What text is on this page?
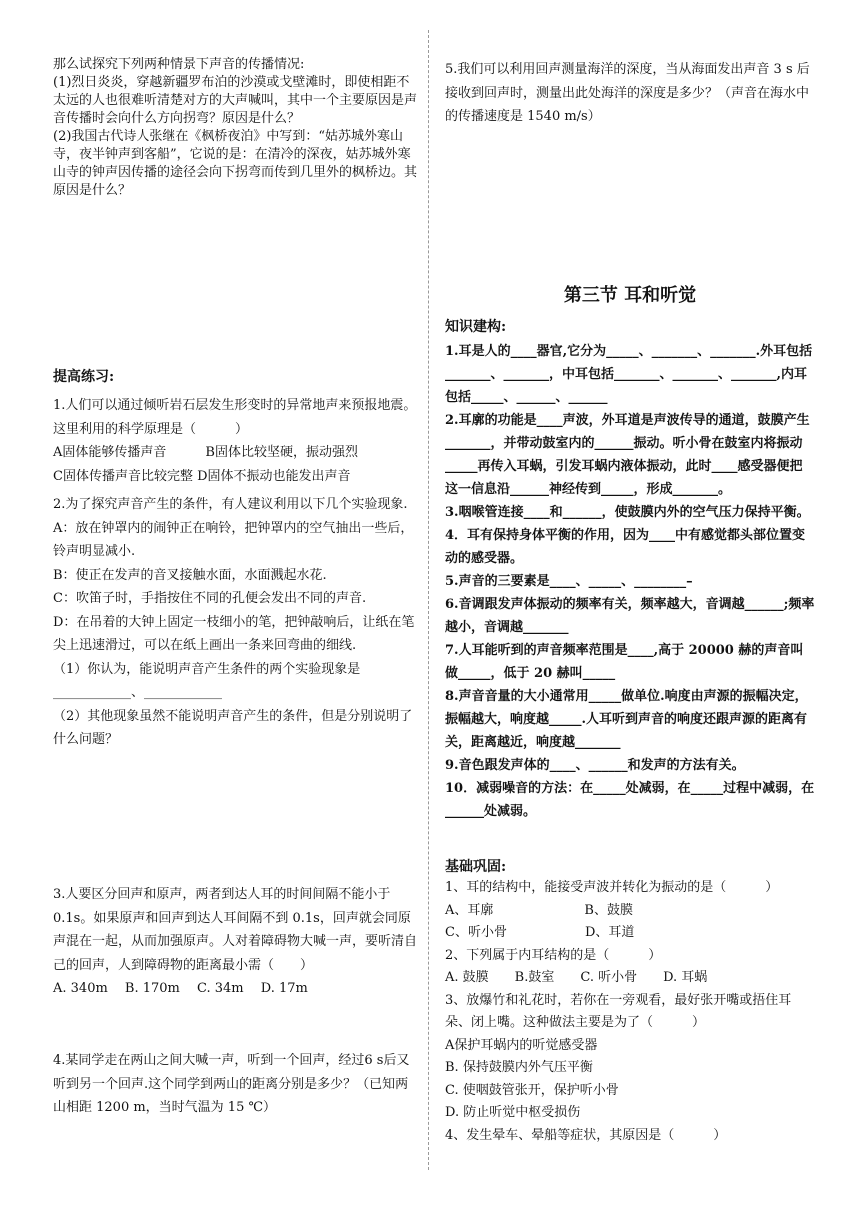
那么试探究下列两种情景下声音的传播情况:
(1)烈日炎炎，穿越新疆罗布泊的沙漠或戈壁滩时，即使相距不太远的人也很难听清楚对方的大声喊叫，其中一个主要原因是声音传播时会向什么方向拐弯？原因是什么？
(2)我国古代诗人张继在《枫桥夜泊》中写到：“姑苏城外寒山寺，夜半钟声到客船”，它说的是：在清冷的深夜，姑苏城外寒山寺的钟声因传播的途径会向下拐弯而传到几里外的枫桥边。其原因是什么？

提高练习:

1.人们可以通过倾听岩石层发生形变时的异常地声来预报地震。这里利用的科学原理是（　　　）
A固体能够传播声音　　　B固体比较坚硬，振动强烈
C固体传播声音比较完整 D固体不振动也能发出声音

2.为了探究声音产生的条件，有人建议利用以下几个实验现象.
A：放在钟罩内的闹钟正在响铃，把钟罩内的空气抽出一些后，铃声明显减小.
B：使正在发声的音叉接触水面，水面溅起水花.
C：吹笛子时，手指按住不同的孔便会发出不同的声音.
D：在吊着的大钟上固定一枝细小的笔，把钟敲响后，让纸在笔尖上迅速滑过，可以在纸上画出一条来回弯曲的细线.
（1）你认为，能说明声音产生条件的两个实验现象是____________、____________
（2）其他现象虽然不能说明声音产生的条件，但是分别说明了什么问题？

3.人要区分回声和原声，两者到达人耳的时间间隔不能小于 0.1s。如果原声和回声到达人耳间隔不到 0.1s，回声就会同原声混在一起，从而加强原声。人对着障碍物大喊一声，要听清自己的回声，人到障碍物的距离最小需（　　）
A. 340m　 B. 170m　 C. 34m　 D. 17m

4.某同学走在两山之间大喊一声，听到一个回声，经过6 s后又听到另一个回声.这个同学到两山的距离分别是多少？（已知两山相距 1200 m，当时气温为 15 ℃）

5.我们可以利用回声测量海洋的深度，当从海面发出声音 3 s 后接收到回声时，测量出此处海洋的深度是多少？（声音在海水中的传播速度是 1540 m/s）

第三节 耳和听觉

知识建构:

1.耳是人的____器官,它分为_____、_______、_______.外耳包括_______、_______，中耳包括_______、_______、_______,内耳包括_____、______、______
2.耳廓的功能是____声波，外耳道是声波传导的通道，鼓膜产生_______，并带动鼓室内的______振动。听小骨在鼓室内将振动_____再传入耳蜗，引发耳蜗内液体振动，此时____感受器便把这一信息沿______神经传到_____，形成_______。
3.咽喉管连接____和______，使鼓膜内外的空气压力保持平衡。
4．耳有保持身体平衡的作用，因为____中有感觉都头部位置变动的感受器。
5.声音的三要素是____、_____、________–
6.音调跟发声体振动的频率有关，频率越大，音调越______;频率越小，音调越_______
7.人耳能听到的声音频率范围是____,高于 20000 赫的声音叫做_____，低于 20 赫叫_____
8.声音音量的大小通常用_____做单位.响度由声源的振幅决定，振幅越大，响度越_____.人耳听到声音的响度还跟声源的距离有关，距离越近，响度越_______
9.音色跟发声体的____、______和发声的方法有关。
10．减弱噪音的方法：在_____处减弱，在_____过程中减弱，在______处减弱。

基础巩固:

1、耳的结构中，能接受声波并转化为振动的是（　　　）
A、耳廓　　　　　　　B、鼓膜
C、听小骨　　　　　　D、耳道
2、下列属于内耳结构的是（　　　）
A. 鼓膜　　B.鼓室　　C. 听小骨　　D. 耳蜗
3、放爆竹和礼花时，若你在一旁观看，最好张开嘴或捂住耳朵、闭上嘴。这种做法主要是为了（　　　）
A保护耳蜗内的听觉感受器
B. 保持鼓膜内外气压平衡
C. 使咽鼓管张开，保护听小骨
D. 防止听觉中枢受损伤
4、发生晕车、晕船等症状，其原因是（　　　）
